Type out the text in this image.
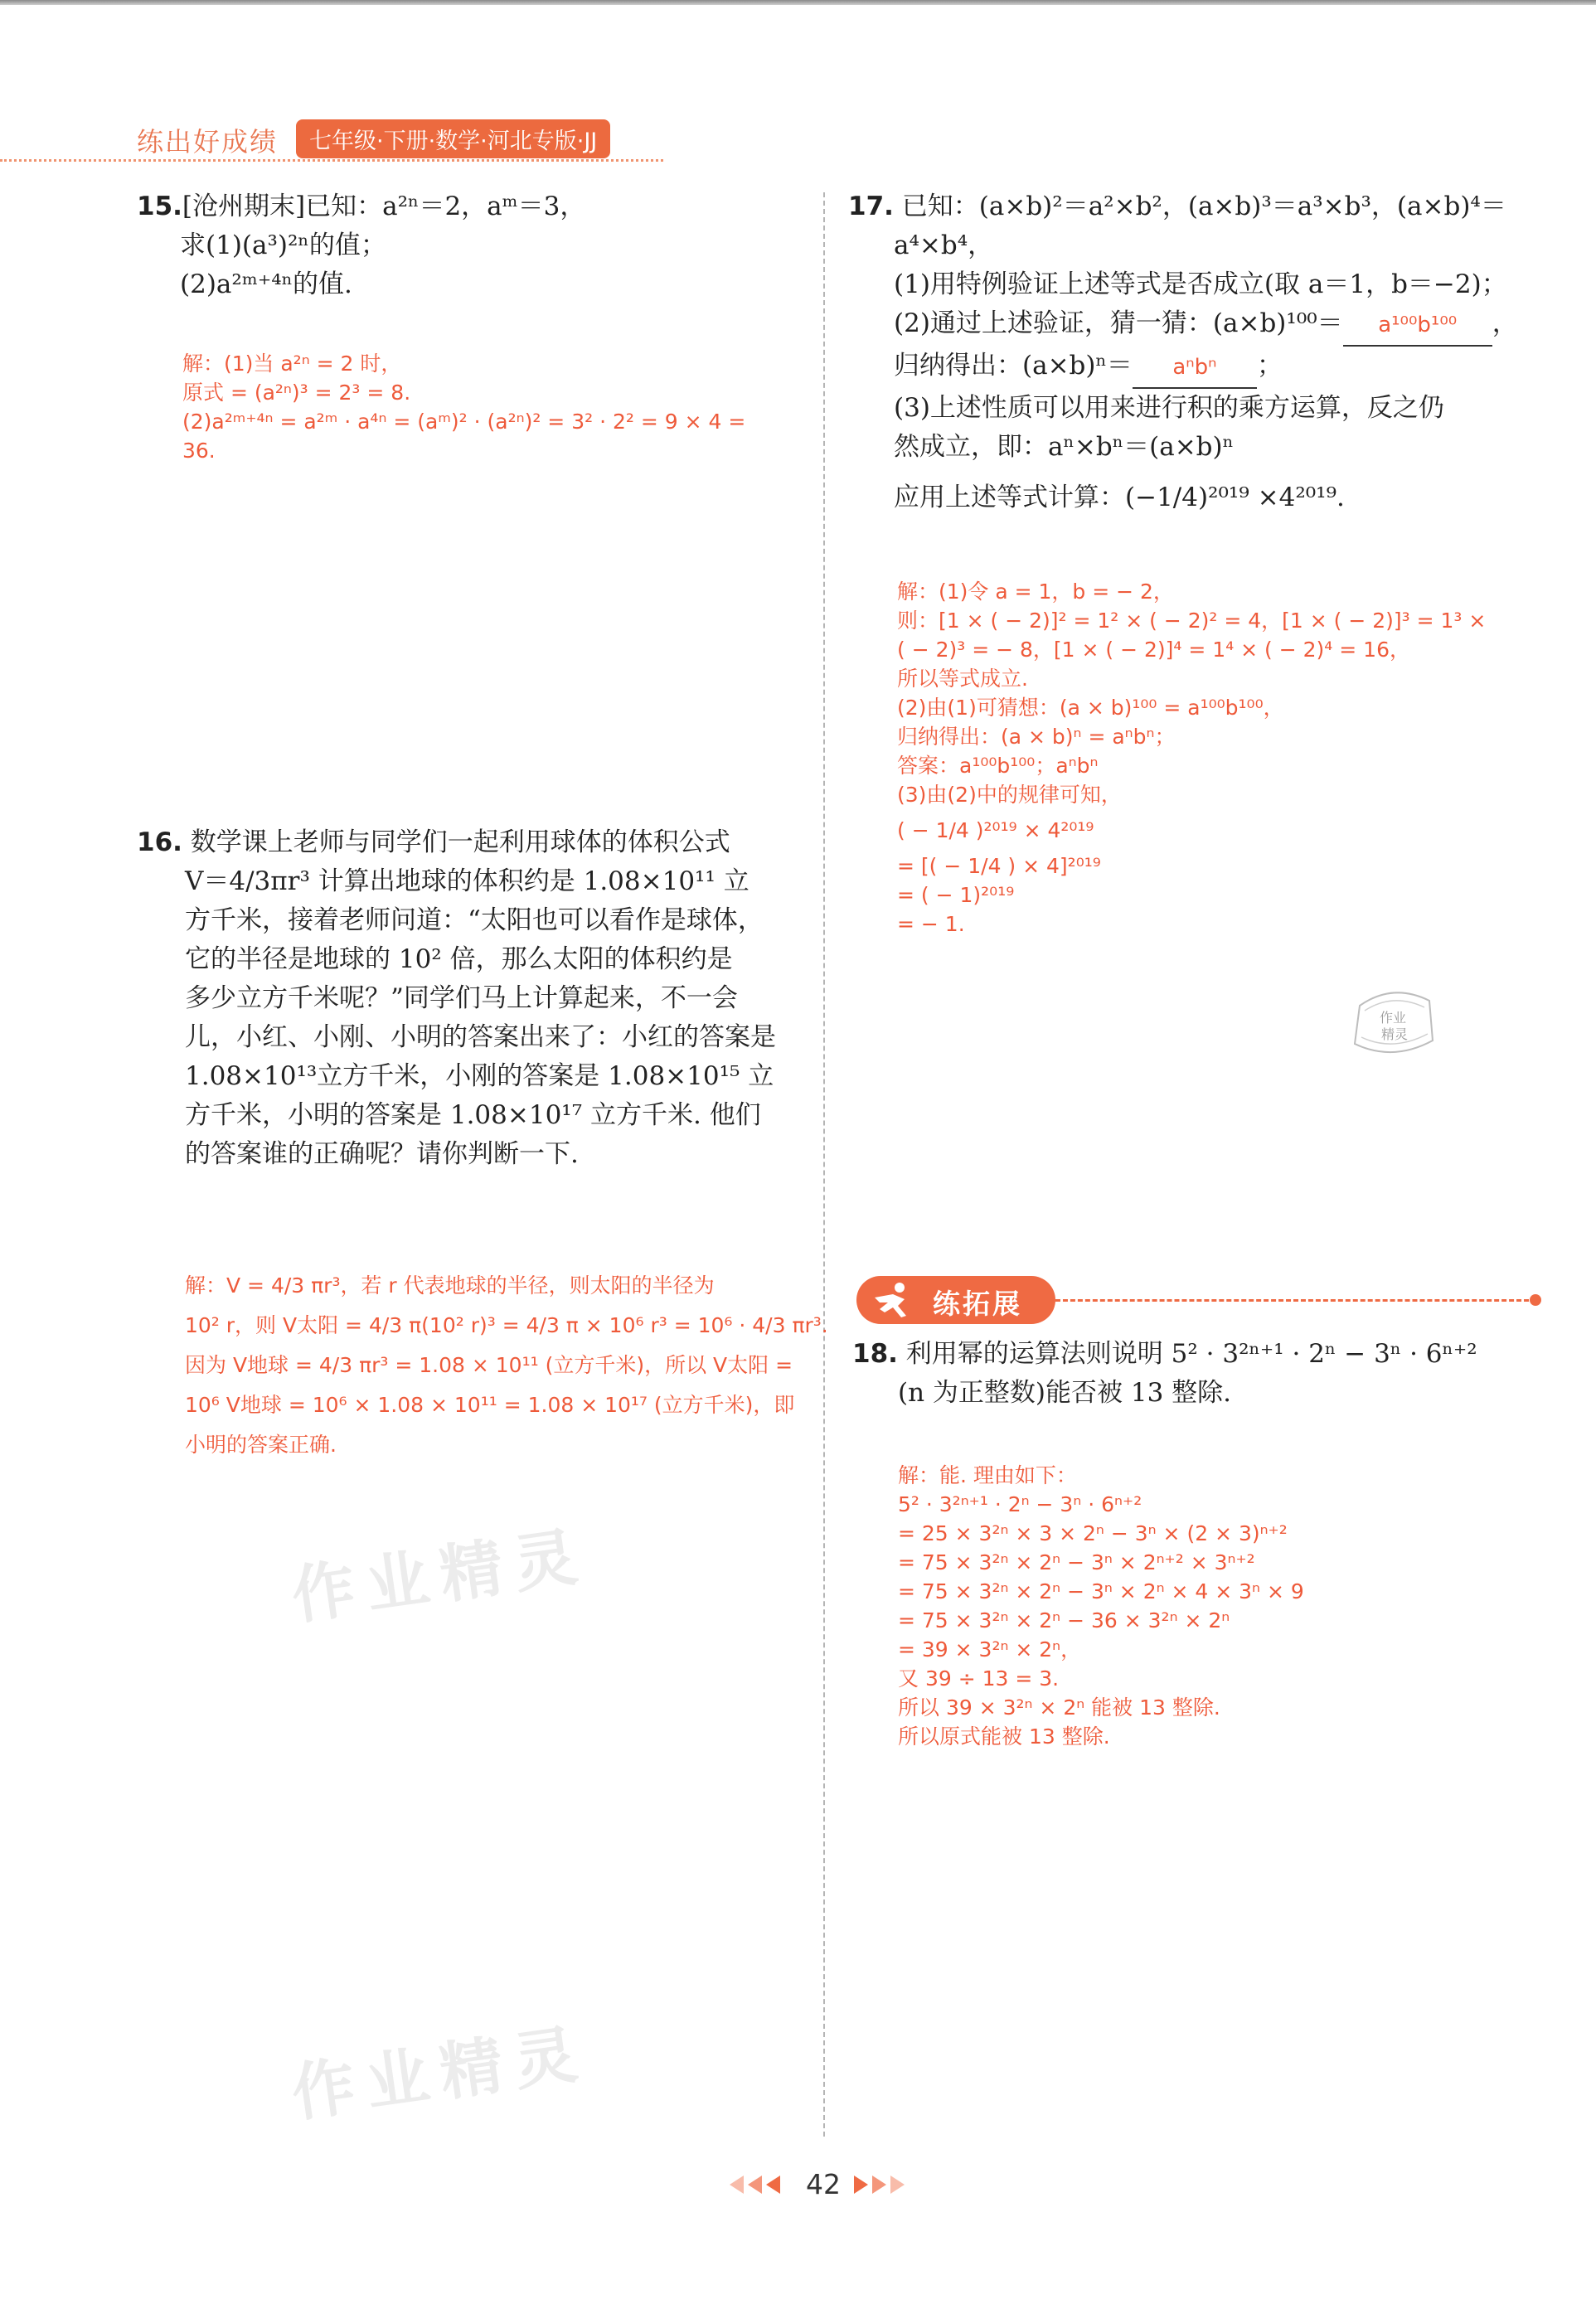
练出好成绩	七年级·下册·数学·河北专版·JJ
15.[沧州期末]已知：a²ⁿ＝2，aᵐ＝3，
求(1)(a³)²ⁿ的值；
(2)a²ᵐ⁺⁴ⁿ的值.
解：(1)当 a²ⁿ = 2 时，
原式 = (a²ⁿ)³ = 2³ = 8.
(2)a²ᵐ⁺⁴ⁿ = a²ᵐ · a⁴ⁿ = (aᵐ)² · (a²ⁿ)² = 3² · 2² = 9 × 4 =
36.
16. 数学课上老师与同学们一起利用球体的体积公式
V＝4/3πr³ 计算出地球的体积约是 1.08×10¹¹ 立
方千米，接着老师问道：“太阳也可以看作是球体，
它的半径是地球的 10² 倍，那么太阳的体积约是
多少立方千米呢？”同学们马上计算起来，不一会
儿，小红、小刚、小明的答案出来了：小红的答案是
1.08×10¹³立方千米，小刚的答案是 1.08×10¹⁵ 立
方千米，小明的答案是 1.08×10¹⁷ 立方千米. 他们
的答案谁的正确呢？请你判断一下.
解：V = 4/3 πr³，若 r 代表地球的半径，则太阳的半径为
10² r，则 V太阳 = 4/3 π(10² r)³ = 4/3 π × 10⁶ r³ = 10⁶ · 4/3 πr³.
因为 V地球 = 4/3 πr³ = 1.08 × 10¹¹ (立方千米)，所以 V太阳 =
10⁶ V地球 = 10⁶ × 1.08 × 10¹¹ = 1.08 × 10¹⁷ (立方千米)，即
小明的答案正确.
作业精灵
作业精灵
17. 已知：(a×b)²＝a²×b²，(a×b)³＝a³×b³，(a×b)⁴＝
a⁴×b⁴，
(1)用特例验证上述等式是否成立(取 a＝1，b＝−2)；
(2)通过上述验证，猜一猜：(a×b)¹⁰⁰＝ a¹⁰⁰b¹⁰⁰ ，
归纳得出：(a×b)ⁿ＝ aⁿbⁿ ；
(3)上述性质可以用来进行积的乘方运算，反之仍
然成立，即：aⁿ×bⁿ＝(a×b)ⁿ
应用上述等式计算：(−1/4)²⁰¹⁹ ×4²⁰¹⁹.
解：(1)令 a = 1，b = − 2，
则：[1 × ( − 2)]² = 1² × ( − 2)² = 4，[1 × ( − 2)]³ = 1³ ×
( − 2)³ = − 8，[1 × ( − 2)]⁴ = 1⁴ × ( − 2)⁴ = 16，
所以等式成立.
(2)由(1)可猜想：(a × b)¹⁰⁰ = a¹⁰⁰b¹⁰⁰，
归纳得出：(a × b)ⁿ = aⁿbⁿ；
答案：a¹⁰⁰b¹⁰⁰；aⁿbⁿ
(3)由(2)中的规律可知，
( − 1/4 )²⁰¹⁹ × 4²⁰¹⁹
= [( − 1/4 ) × 4]²⁰¹⁹
= ( − 1)²⁰¹⁹
= − 1.
作业
精灵
练拓展
18. 利用幂的运算法则说明 5² · 3²ⁿ⁺¹ · 2ⁿ − 3ⁿ · 6ⁿ⁺²
(n 为正整数)能否被 13 整除.
解：能. 理由如下：
5² · 3²ⁿ⁺¹ · 2ⁿ − 3ⁿ · 6ⁿ⁺²
= 25 × 3²ⁿ × 3 × 2ⁿ − 3ⁿ × (2 × 3)ⁿ⁺²
= 75 × 3²ⁿ × 2ⁿ − 3ⁿ × 2ⁿ⁺² × 3ⁿ⁺²
= 75 × 3²ⁿ × 2ⁿ − 3ⁿ × 2ⁿ × 4 × 3ⁿ × 9
= 75 × 3²ⁿ × 2ⁿ − 36 × 3²ⁿ × 2ⁿ
= 39 × 3²ⁿ × 2ⁿ，
又 39 ÷ 13 = 3.
所以 39 × 3²ⁿ × 2ⁿ 能被 13 整除.
所以原式能被 13 整除.
42
